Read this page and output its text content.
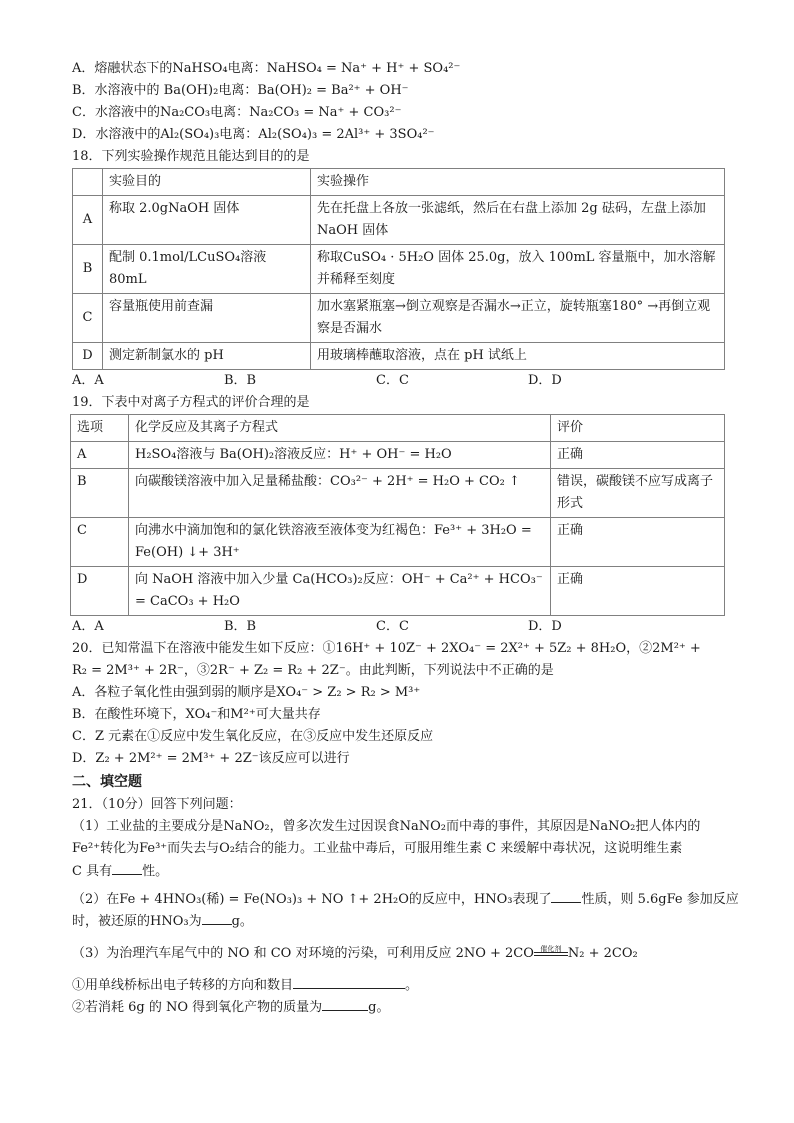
A．熔融状态下的NaHSO₄电离：NaHSO₄ = Na⁺ + H⁺ + SO₄²⁻
B．水溶液中的 Ba(OH)₂电离：Ba(OH)₂ = Ba²⁺ + OH⁻
C．水溶液中的Na₂CO₃电离：Na₂CO₃ = Na⁺ + CO₃²⁻
D．水溶液中的Al₂(SO₄)₃电离：Al₂(SO₄)₃ = 2Al³⁺ + 3SO₄²⁻
18．下列实验操作规范且能达到目的的是
	实验目的	实验操作
A	称取 2.0gNaOH 固体	先在托盘上各放一张滤纸，然后在右盘上添加 2g 砝码，左盘上添加 NaOH 固体
B	配制 0.1mol/LCuSO₄溶液 80mL	称取CuSO₄ · 5H₂O 固体 25.0g，放入 100mL 容量瓶中，加水溶解并稀释至刻度
C	容量瓶使用前查漏	加水塞紧瓶塞→倒立观察是否漏水→正立，旋转瓶塞180° →再倒立观察是否漏水
D	测定新制氯水的 pH	用玻璃棒蘸取溶液，点在 pH 试纸上
A．A	B．B	C．C	D．D
19．下表中对离子方程式的评价合理的是
选项	化学反应及其离子方程式	评价
A	H₂SO₄溶液与 Ba(OH)₂溶液反应：H⁺ + OH⁻ = H₂O	正确
B	向碳酸镁溶液中加入足量稀盐酸：CO₃²⁻ + 2H⁺ = H₂O + CO₂ ↑	错误，碳酸镁不应写成离子形式
C	向沸水中滴加饱和的氯化铁溶液至液体变为红褐色：Fe³⁺ + 3H₂O = Fe(OH) ↓+ 3H⁺	正确
D	向 NaOH 溶液中加入少量 Ca(HCO₃)₂反应：OH⁻ + Ca²⁺ + HCO₃⁻ = CaCO₃ + H₂O	正确
A．A	B．B	C．C	D．D
20．已知常温下在溶液中能发生如下反应：①16H⁺ + 10Z⁻ + 2XO₄⁻ = 2X²⁺ + 5Z₂ + 8H₂O，②2M²⁺ +
R₂ = 2M³⁺ + 2R⁻，③2R⁻ + Z₂ = R₂ + 2Z⁻。由此判断，下列说法中不正确的是
A．各粒子氧化性由强到弱的顺序是XO₄⁻ > Z₂ > R₂ > M³⁺
B．在酸性环境下，XO₄⁻和M²⁺可大量共存
C．Z 元素在①反应中发生氧化反应，在③反应中发生还原反应
D．Z₂ + 2M²⁺ = 2M³⁺ + 2Z⁻该反应可以进行
二、填空题
21．（10分）回答下列问题：
（1）工业盐的主要成分是NaNO₂，曾多次发生过因误食NaNO₂而中毒的事件，其原因是NaNO₂把人体内的
Fe²⁺转化为Fe³⁺而失去与O₂结合的能力。工业盐中毒后，可服用维生素 C 来缓解中毒状况，这说明维生素
C 具有 性。
（2）在Fe + 4HNO₃(稀) = Fe(NO₃)₃ + NO ↑+ 2H₂O的反应中，HNO₃表现了 性质，则 5.6gFe 参加反应
时，被还原的HNO₃为 g。
（3）为治理汽车尾气中的 NO 和 CO 对环境的污染，可利用反应 2NO + 2CO 催化剂 N₂ + 2CO₂
①用单线桥标出电子转移的方向和数目	。
②若消耗 6g 的 NO 得到氧化产物的质量为	g。
